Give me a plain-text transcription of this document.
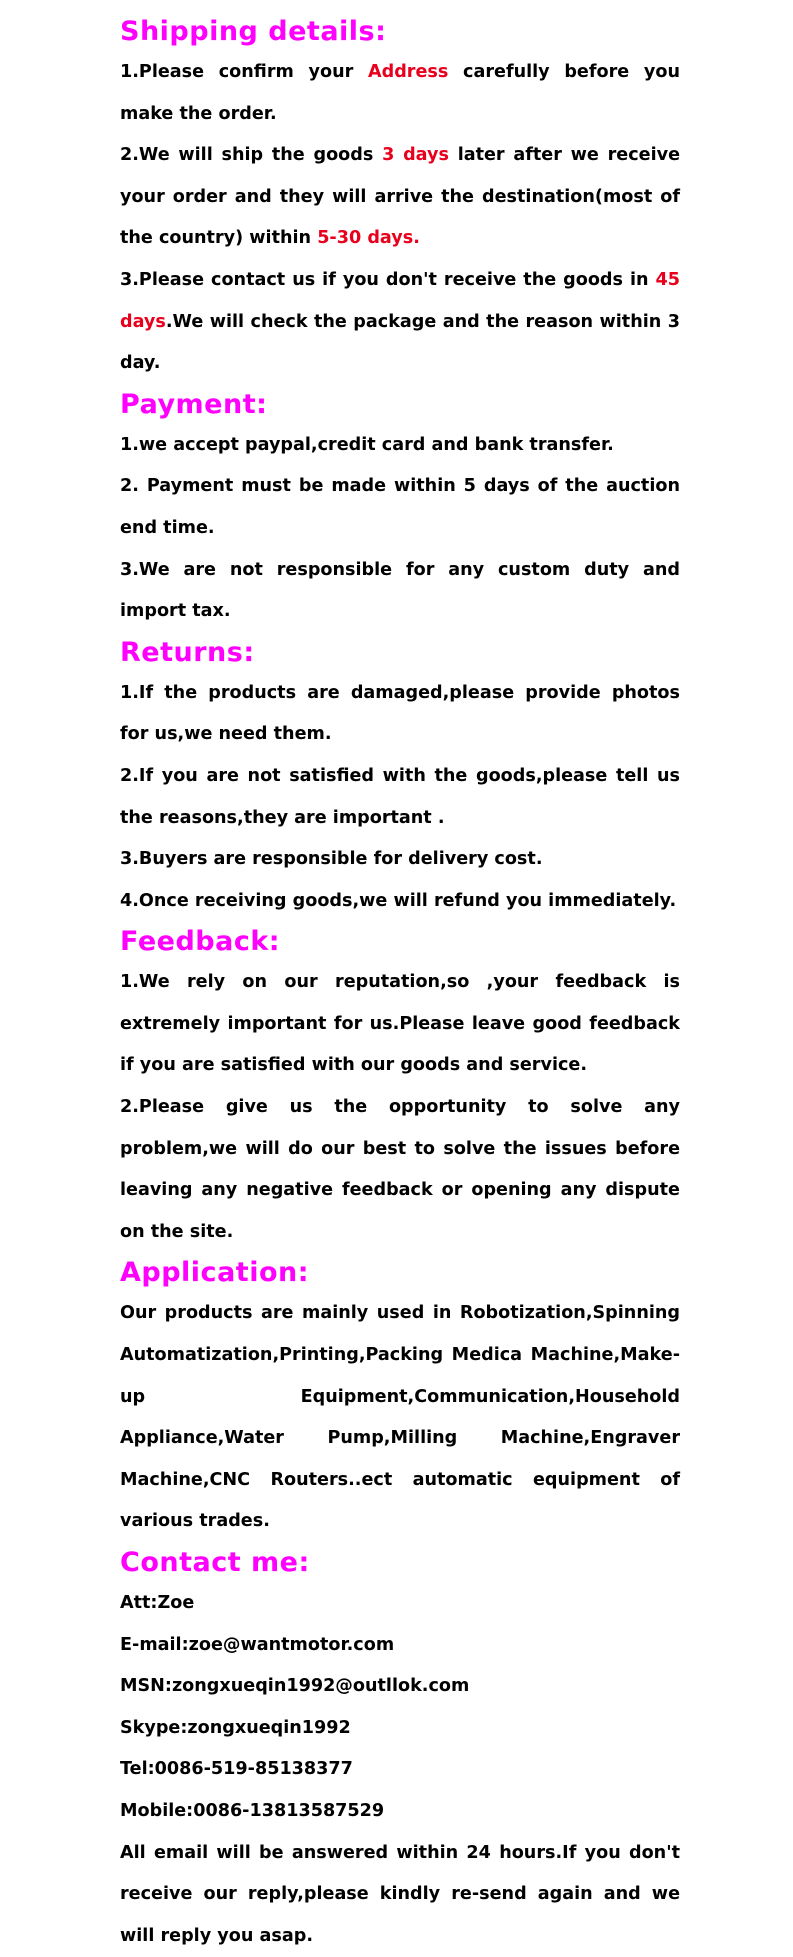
Shipping details:

1.Please confirm your Address carefully before you make the order.

2.We will ship the goods 3 days later after we receive your order and they will arrive the destination(most of the country) within 5-30 days.

3.Please contact us if you don't receive the goods in 45 days.We will check the package and the reason within 3 day.

Payment:

1.we accept paypal,credit card and bank transfer.

2. Payment must be made within 5 days of the auction end time.

3.We are not responsible for any custom duty and import tax.

Returns:

1.If the products are damaged,please provide photos for us,we need them.

2.If you are not satisfied with the goods,please tell us the reasons,they are important .

3.Buyers are responsible for delivery cost.

4.Once receiving goods,we will refund you immediately.

Feedback:

1.We rely on our reputation,so ,your feedback is extremely important for us.Please leave good feedback if you are satisfied with our goods and service.

2.Please give us the opportunity to solve any problem,we will do our best to solve the issues before leaving any negative feedback or opening any dispute on the site.

Application:

Our products are mainly used in Robotization,Spinning Automatization,Printing,Packing Medica Machine,Make-up Equipment,Communication,Household Appliance,Water Pump,Milling Machine,Engraver Machine,CNC Routers..ect automatic equipment of various trades.

Contact me:

Att:Zoe

E-mail:zoe@wantmotor.com

MSN:zongxueqin1992@outllok.com

Skype:zongxueqin1992

Tel:0086-519-85138377

Mobile:0086-13813587529

All email will be answered within 24 hours.If you don't receive our reply,please kindly re-send again and we will reply you asap.
